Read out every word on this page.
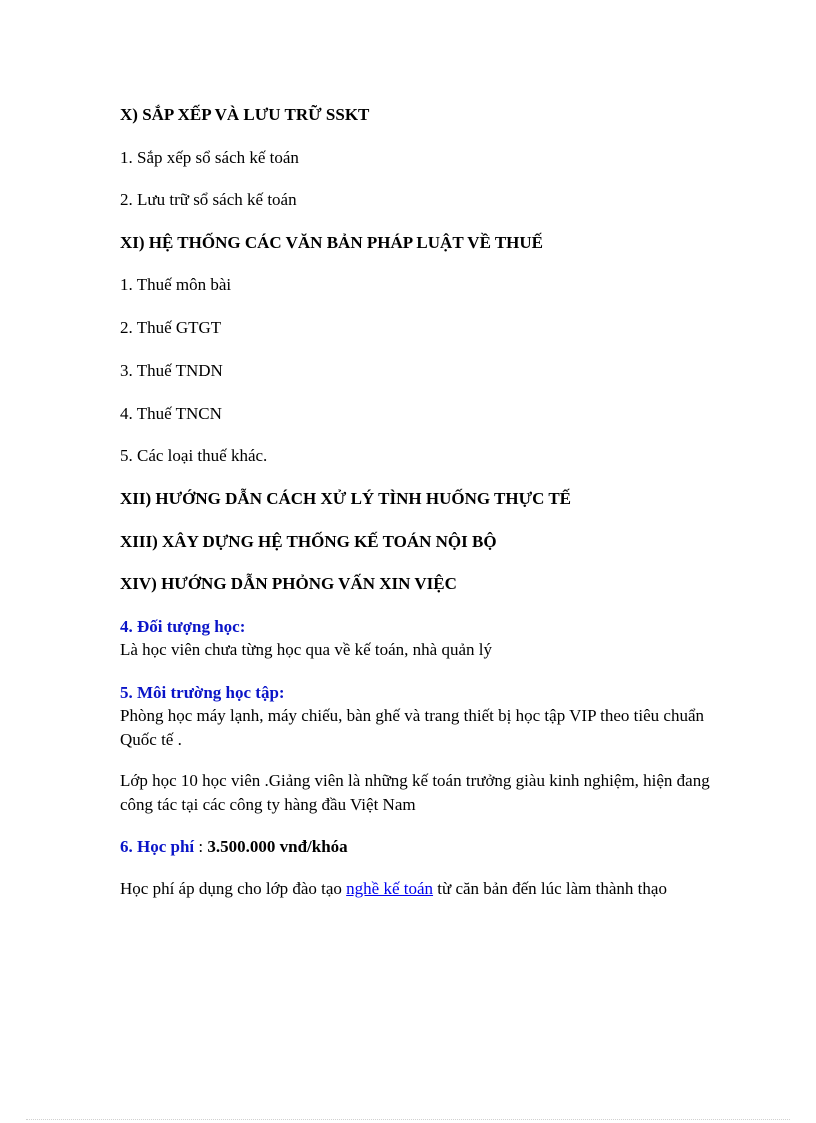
X) SẮP XẾP VÀ LƯU TRỮ SSKT
1. Sắp xếp sổ sách kế toán
2. Lưu trữ sổ sách kế toán
XI) HỆ THỐNG CÁC VĂN BẢN PHÁP LUẬT VỀ THUẾ
1. Thuế môn bài
2. Thuế GTGT
3. Thuế TNDN
4. Thuế TNCN
5. Các loại thuế khác.
XII) HƯỚNG DẪN CÁCH XỬ LÝ TÌNH HUỐNG THỰC TẾ
XIII) XÂY DỰNG HỆ THỐNG KẾ TOÁN NỘI BỘ
XIV) HƯỚNG DẪN PHỎNG VẤN XIN VIỆC
4. Đối tượng học:
Là học viên chưa từng học qua về kế toán, nhà quản lý
5. Môi trường học tập:
Phòng học máy lạnh, máy chiếu, bàn ghế và trang thiết bị học tập VIP theo tiêu chuẩn Quốc tế .
Lớp học 10 học viên .Giảng viên là những kế toán trưởng giàu kinh nghiệm, hiện đang công tác tại các công ty hàng đầu Việt Nam
6. Học phí : 3.500.000 vnđ/khóa
Học phí áp dụng cho lớp đào tạo nghề kế toán từ căn bản đến lúc làm thành thạo
